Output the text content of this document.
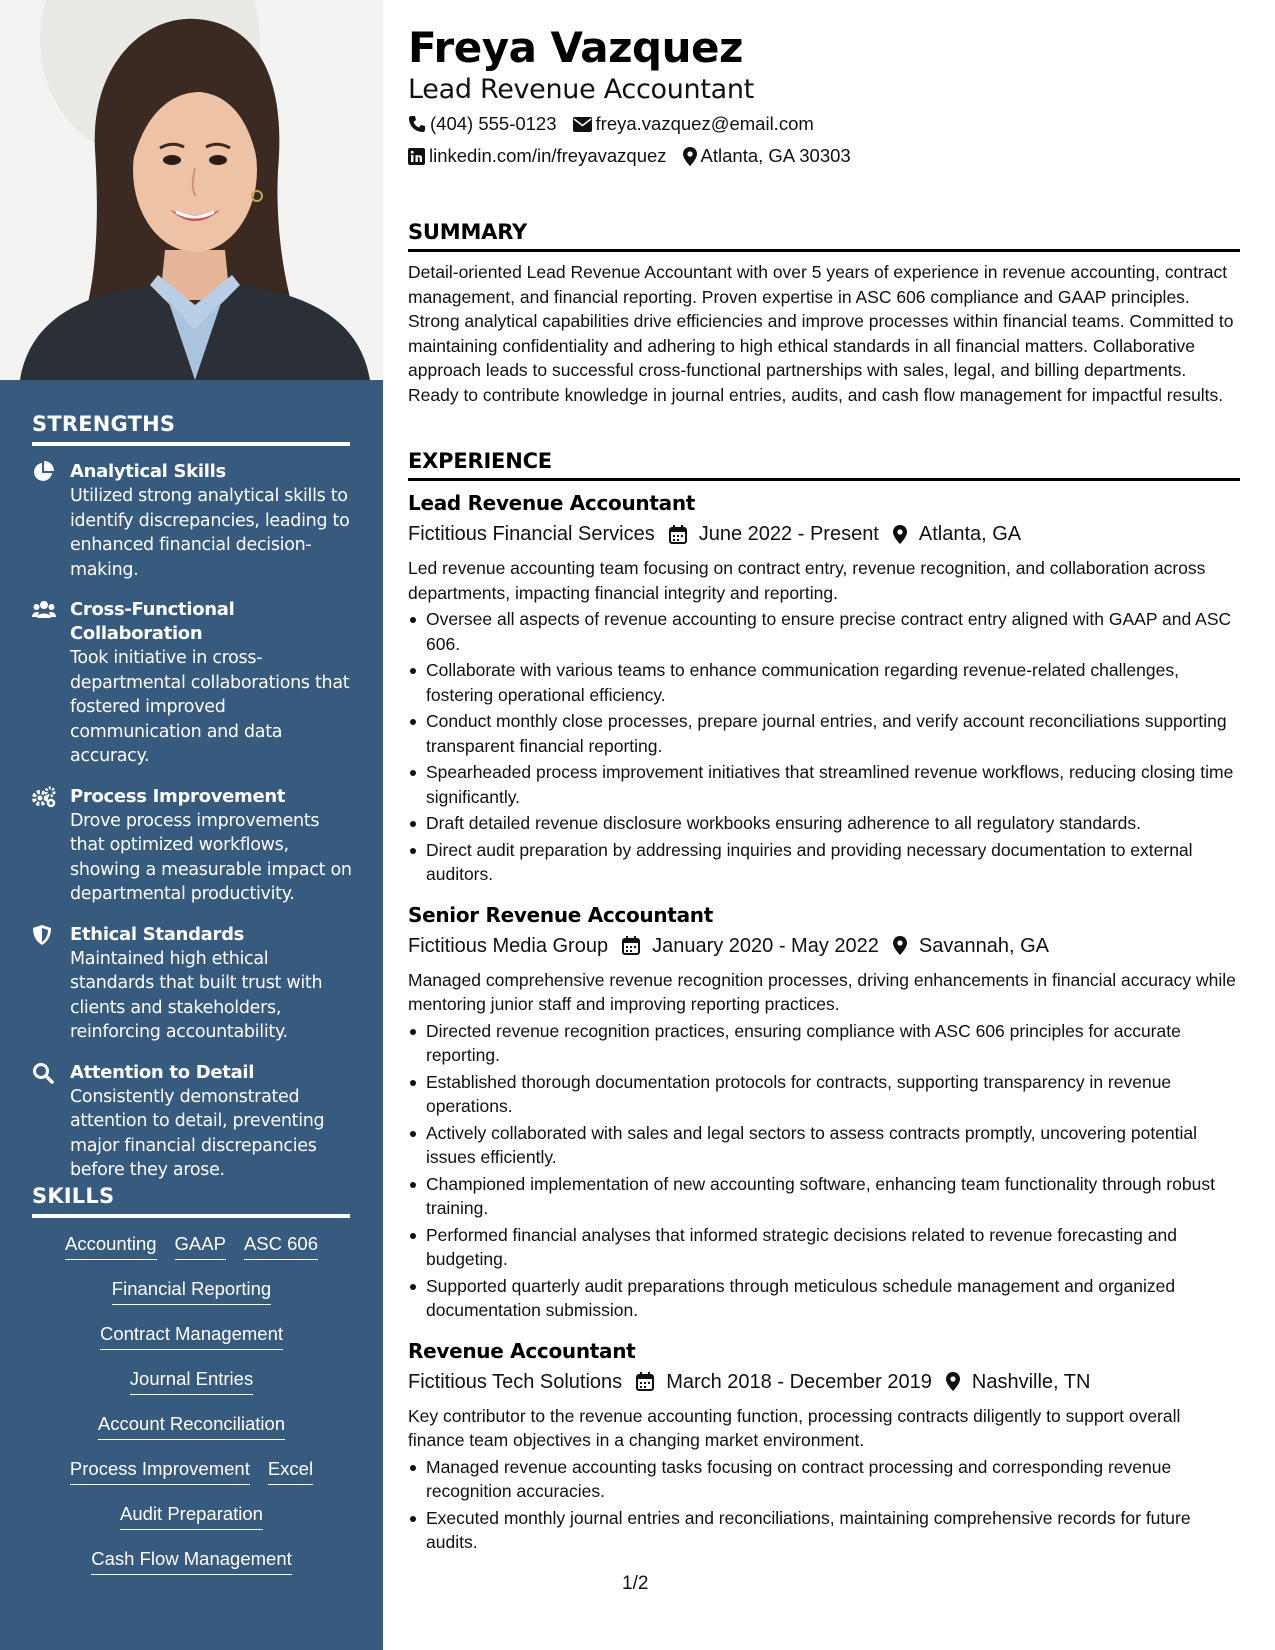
STRENGTHS
Analytical Skills
Utilized strong analytical skills to identify discrepancies, leading to enhanced financial decision-making.
Cross-Functional Collaboration
Took initiative in cross-departmental collaborations that fostered improved communication and data accuracy.
Process Improvement
Drove process improvements that optimized workflows, showing a measurable impact on departmental productivity.
Ethical Standards
Maintained high ethical standards that built trust with clients and stakeholders, reinforcing accountability.
Attention to Detail
Consistently demonstrated attention to detail, preventing major financial discrepancies before they arose.
SKILLS
Accounting GAAP ASC 606
Financial Reporting
Contract Management
Journal Entries
Account Reconciliation
Process Improvement Excel
Audit Preparation
Cash Flow Management
Freya Vazquez
Lead Revenue Accountant
(404) 555-0123 freya.vazquez@email.com
linkedin.com/in/freyavazquez Atlanta, GA 30303
SUMMARY
Detail-oriented Lead Revenue Accountant with over 5 years of experience in revenue accounting, contract management, and financial reporting. Proven expertise in ASC 606 compliance and GAAP principles. Strong analytical capabilities drive efficiencies and improve processes within financial teams. Committed to maintaining confidentiality and adhering to high ethical standards in all financial matters. Collaborative approach leads to successful cross-functional partnerships with sales, legal, and billing departments. Ready to contribute knowledge in journal entries, audits, and cash flow management for impactful results.
EXPERIENCE
Lead Revenue Accountant
Fictitious Financial Services June 2022 - Present Atlanta, GA
Led revenue accounting team focusing on contract entry, revenue recognition, and collaboration across departments, impacting financial integrity and reporting.
Oversee all aspects of revenue accounting to ensure precise contract entry aligned with GAAP and ASC 606.
Collaborate with various teams to enhance communication regarding revenue-related challenges, fostering operational efficiency.
Conduct monthly close processes, prepare journal entries, and verify account reconciliations supporting transparent financial reporting.
Spearheaded process improvement initiatives that streamlined revenue workflows, reducing closing time significantly.
Draft detailed revenue disclosure workbooks ensuring adherence to all regulatory standards.
Direct audit preparation by addressing inquiries and providing necessary documentation to external auditors.
Senior Revenue Accountant
Fictitious Media Group January 2020 - May 2022 Savannah, GA
Managed comprehensive revenue recognition processes, driving enhancements in financial accuracy while mentoring junior staff and improving reporting practices.
Directed revenue recognition practices, ensuring compliance with ASC 606 principles for accurate reporting.
Established thorough documentation protocols for contracts, supporting transparency in revenue operations.
Actively collaborated with sales and legal sectors to assess contracts promptly, uncovering potential issues efficiently.
Championed implementation of new accounting software, enhancing team functionality through robust training.
Performed financial analyses that informed strategic decisions related to revenue forecasting and budgeting.
Supported quarterly audit preparations through meticulous schedule management and organized documentation submission.
Revenue Accountant
Fictitious Tech Solutions March 2018 - December 2019 Nashville, TN
Key contributor to the revenue accounting function, processing contracts diligently to support overall finance team objectives in a changing market environment.
Managed revenue accounting tasks focusing on contract processing and corresponding revenue recognition accuracies.
Executed monthly journal entries and reconciliations, maintaining comprehensive records for future audits.
1/2
